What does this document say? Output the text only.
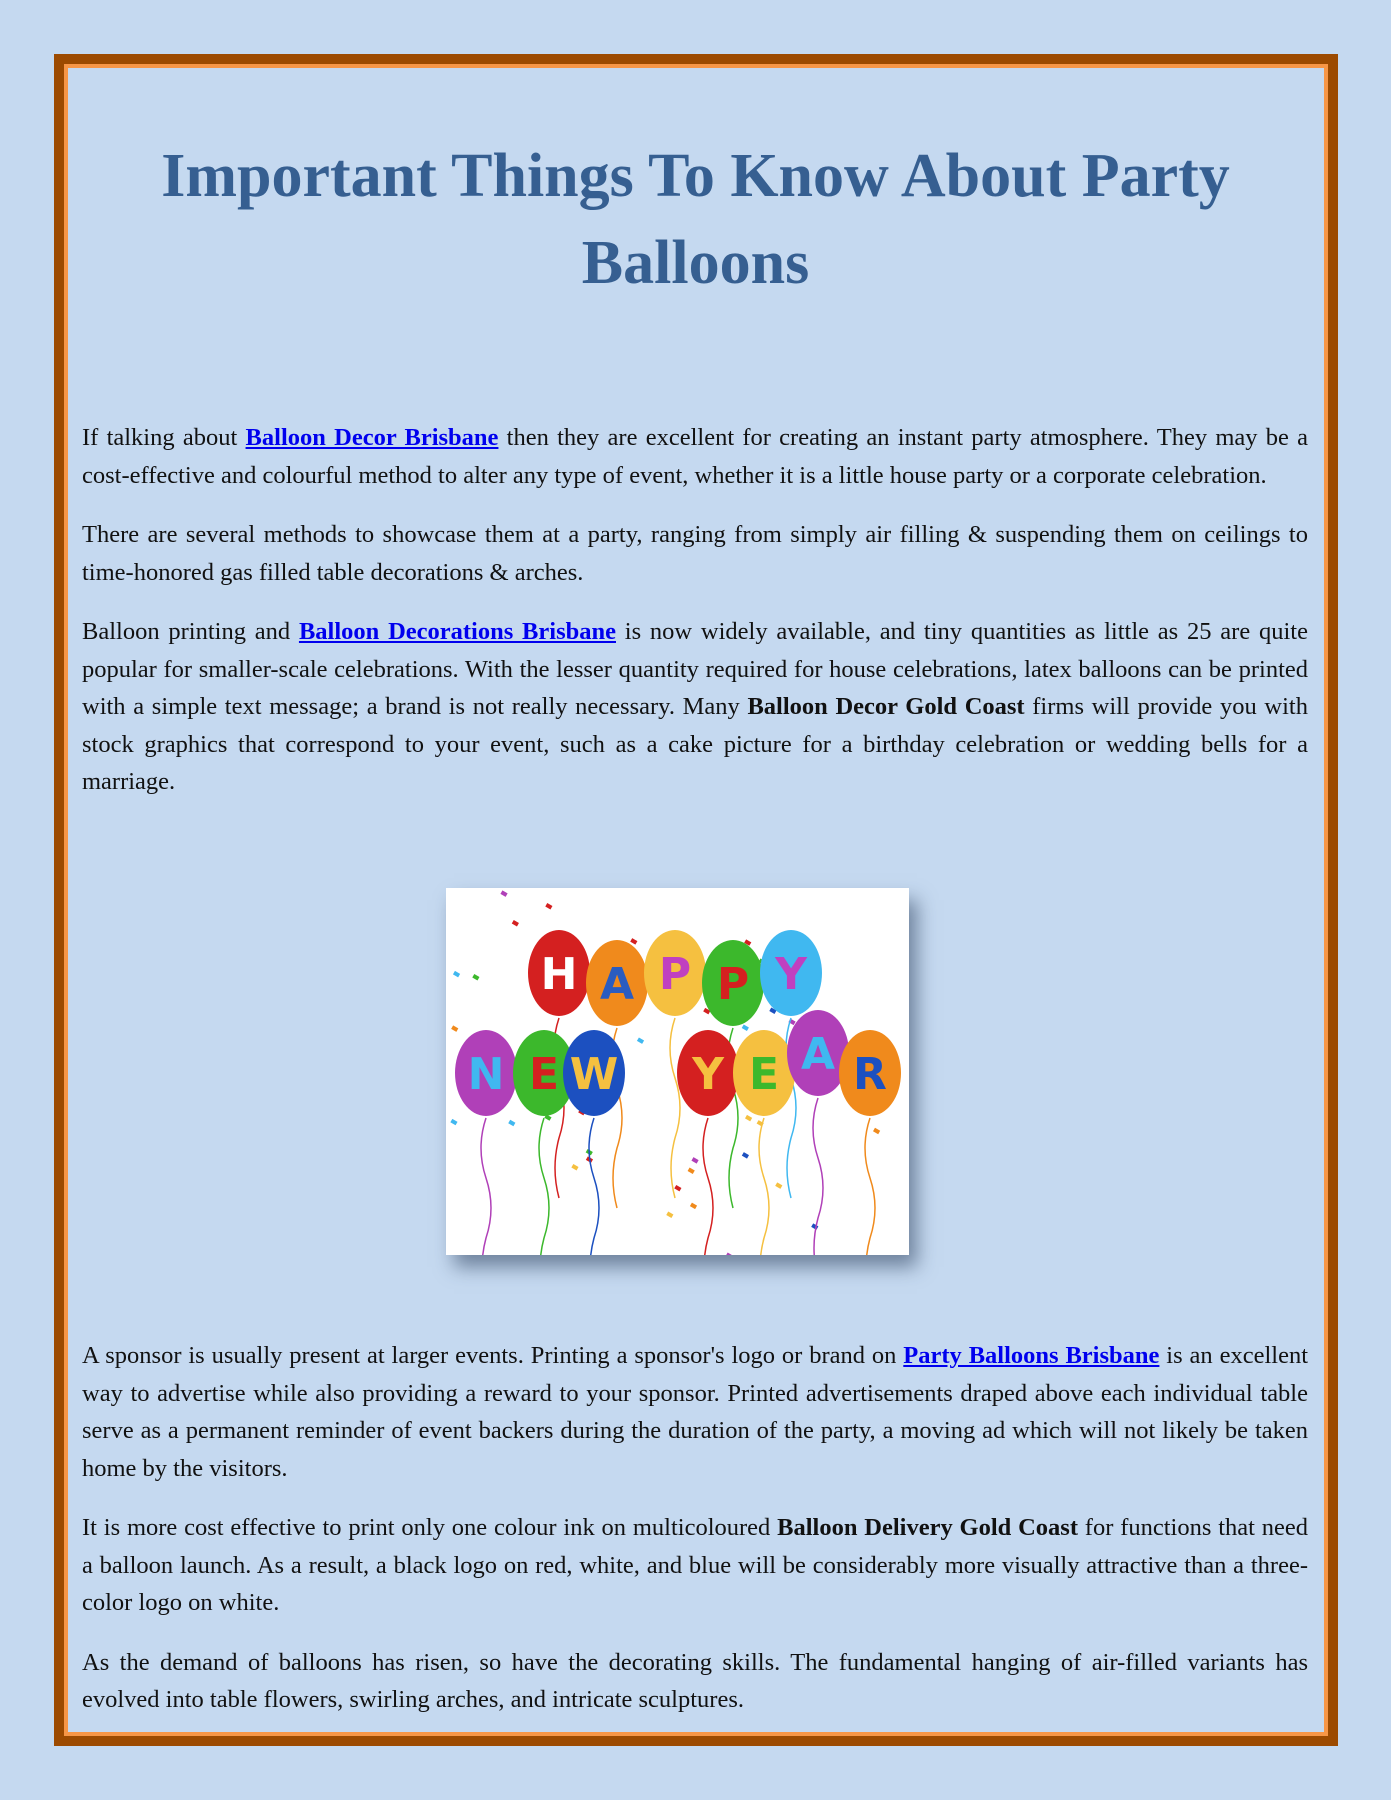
Important Things To Know About Party Balloons

If talking about Balloon Decor Brisbane then they are excellent for creating an instant party atmosphere. They may be a cost-effective and colourful method to alter any type of event, whether it is a little house party or a corporate celebration.

There are several methods to showcase them at a party, ranging from simply air filling & suspending them on ceilings to time-honored gas filled table decorations & arches.

Balloon printing and Balloon Decorations Brisbane is now widely available, and tiny quantities as little as 25 are quite popular for smaller-scale celebrations. With the lesser quantity required for house celebrations, latex balloons can be printed with a simple text message; a brand is not really necessary. Many Balloon Decor Gold Coast firms will provide you with stock graphics that correspond to your event, such as a cake picture for a birthday celebration or wedding bells for a marriage.

H A P P Y
N E W Y E A R

A sponsor is usually present at larger events. Printing a sponsor's logo or brand on Party Balloons Brisbane is an excellent way to advertise while also providing a reward to your sponsor. Printed advertisements draped above each individual table serve as a permanent reminder of event backers during the duration of the party, a moving ad which will not likely be taken home by the visitors.

It is more cost effective to print only one colour ink on multicoloured Balloon Delivery Gold Coast for functions that need a balloon launch. As a result, a black logo on red, white, and blue will be considerably more visually attractive than a three-color logo on white.

As the demand of balloons has risen, so have the decorating skills. The fundamental hanging of air-filled variants has evolved into table flowers, swirling arches, and intricate sculptures.
